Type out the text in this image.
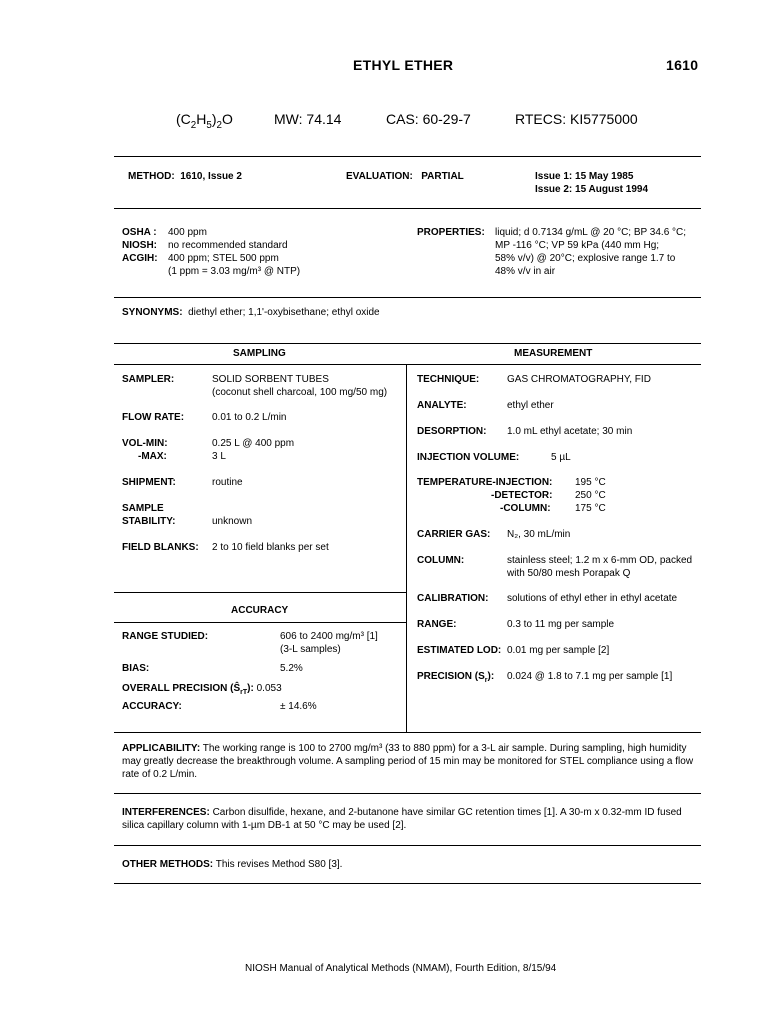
ETHYL ETHER	1610
$(C_2H_5)_2O$	MW: 74.14	CAS: 60-29-7	RTECS: KI5775000
METHOD: 1610, Issue 2	EVALUATION: PARTIAL	Issue 1: 15 May 1985
Issue 2: 15 August 1994
OSHA : 400 ppm
NIOSH: no recommended standard
ACGIH: 400 ppm; STEL 500 ppm
(1 ppm = 3.03 mg/m³ @ NTP)
PROPERTIES: liquid; d 0.7134 g/mL @ 20 °C; BP 34.6 °C;
MP -116 °C; VP 59 kPa (440 mm Hg;
58% v/v) @ 20°C; explosive range 1.7 to
48% v/v in air
SYNONYMS: diethyl ether; 1,1'-oxybisethane; ethyl oxide
SAMPLING	MEASUREMENT
SAMPLER:	SOLID SORBENT TUBES
(coconut shell charcoal, 100 mg/50 mg)
FLOW RATE:	0.01 to 0.2 L/min
VOL-MIN:	0.25 L @ 400 ppm
-MAX:	3 L
SHIPMENT:	routine
SAMPLE
STABILITY:	unknown
FIELD BLANKS: 2 to 10 field blanks per set
ACCURACY
RANGE STUDIED:	606 to 2400 mg/m³ [1]
(3-L samples)
BIAS:	5.2%
OVERALL PRECISION $(Ŝ_{rT})$: 0.053
ACCURACY:	± 14.6%
TECHNIQUE:	GAS CHROMATOGRAPHY, FID
ANALYTE:	ethyl ether
DESORPTION: 1.0 mL ethyl acetate; 30 min
INJECTION VOLUME:	5 µL
TEMPERATURE-INJECTION: 195 °C
-DETECTOR: 250 °C
-COLUMN: 175 °C
CARRIER GAS: N₂, 30 mL/min
COLUMN:	stainless steel; 1.2 m x 6-mm OD, packed
with 50/80 mesh Porapak Q
CALIBRATION: solutions of ethyl ether in ethyl acetate
RANGE:	0.3 to 11 mg per sample
ESTIMATED LOD: 0.01 mg per sample [2]
PRECISION $(S_r)$: 0.024 @ 1.8 to 7.1 mg per sample [1]
APPLICABILITY: The working range is 100 to 2700 mg/m³ (33 to 880 ppm) for a 3-L air sample. During sampling, high humidity may greatly decrease the breakthrough volume. A sampling period of 15 min may be monitored for STEL compliance using a flow rate of 0.2 L/min.
INTERFERENCES: Carbon disulfide, hexane, and 2-butanone have similar GC retention times [1]. A 30-m x 0.32-mm ID fused silica capillary column with 1-µm DB-1 at 50 °C may be used [2].
OTHER METHODS: This revises Method S80 [3].
NIOSH Manual of Analytical Methods (NMAM), Fourth Edition, 8/15/94
